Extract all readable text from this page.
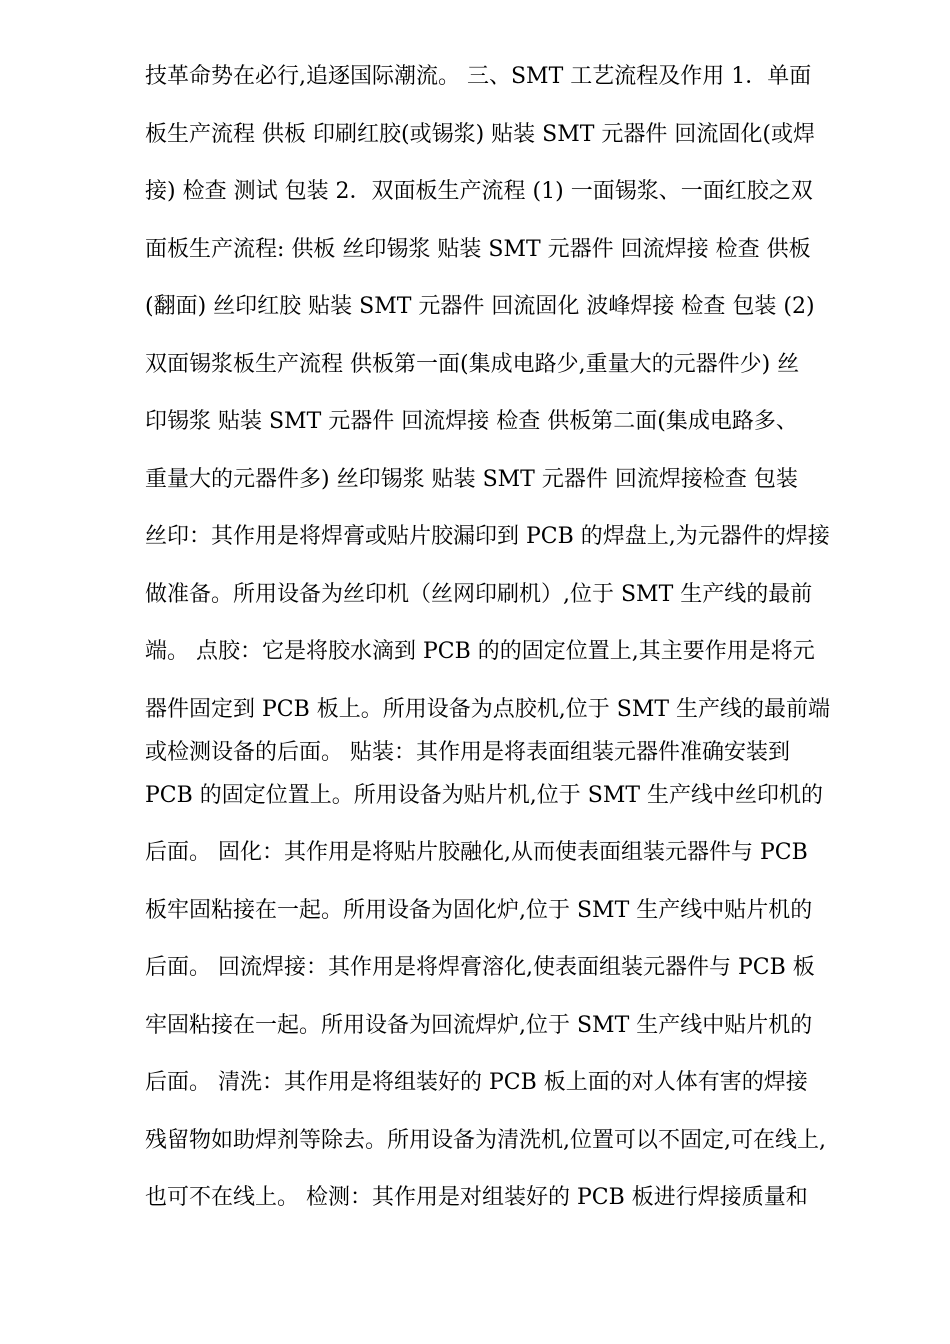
技革命势在必行,追逐国际潮流。 三、SMT 工艺流程及作用 1．单面

板生产流程 供板 印刷红胶(或锡浆) 贴装 SMT 元器件 回流固化(或焊

接) 检查 测试 包装 2．双面板生产流程 (1) 一面锡浆、一面红胶之双

面板生产流程: 供板 丝印锡浆 贴装 SMT 元器件 回流焊接 检查 供板

(翻面) 丝印红胶 贴装 SMT 元器件 回流固化 波峰焊接 检查 包装 (2)

双面锡浆板生产流程 供板第一面(集成电路少,重量大的元器件少) 丝

印锡浆 贴装 SMT 元器件 回流焊接 检查 供板第二面(集成电路多、

重量大的元器件多) 丝印锡浆 贴装 SMT 元器件 回流焊接检查 包装

丝印：其作用是将焊膏或贴片胶漏印到 PCB 的焊盘上,为元器件的焊接

做准备。所用设备为丝印机（丝网印刷机）,位于 SMT 生产线的最前

端。 点胶：它是将胶水滴到 PCB 的的固定位置上,其主要作用是将元

器件固定到 PCB 板上。所用设备为点胶机,位于 SMT 生产线的最前端

或检测设备的后面。 贴装：其作用是将表面组装元器件准确安装到

PCB 的固定位置上。所用设备为贴片机,位于 SMT 生产线中丝印机的

后面。 固化：其作用是将贴片胶融化,从而使表面组装元器件与 PCB

板牢固粘接在一起。所用设备为固化炉,位于 SMT 生产线中贴片机的

后面。 回流焊接：其作用是将焊膏溶化,使表面组装元器件与 PCB 板

牢固粘接在一起。所用设备为回流焊炉,位于 SMT 生产线中贴片机的

后面。 清洗：其作用是将组装好的 PCB 板上面的对人体有害的焊接

残留物如助焊剂等除去。所用设备为清洗机,位置可以不固定,可在线上,

也可不在线上。 检测：其作用是对组装好的 PCB 板进行焊接质量和
